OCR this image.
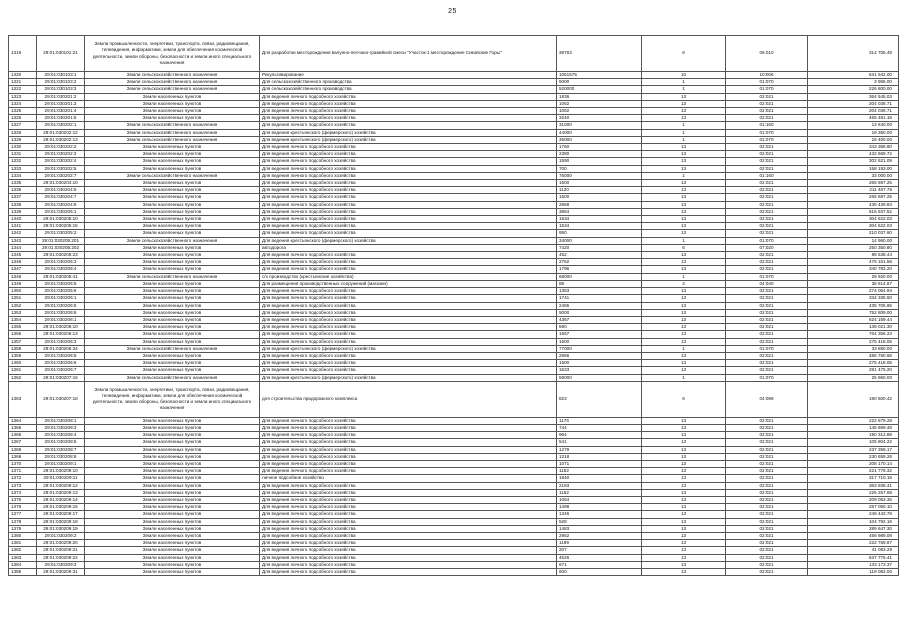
25
1319	29:01:030101:21	Земли промышленности, энергетики, транспорта, связи, радиовещания, телевидения, информатики, земли для обеспечения космической деятельности, земли обороны, безопасности и земли иного специального назначения	Для разработки месторождения валунно-песчано-гравийной смеси "Участок-1 месторождение Сиковские Горы"	39763	6	06:010	314 705.49
1320	29:01:030103:1	Земли сельскохозяйственного назначения	Рекультивирование	1051575	10	10:006	631 942.00
1321	29:01:030103:2	Земли сельскохозяйственного назначения	Для сельскохозяйственного производства	5000	1	01:070	3 965.00
1322	29:01:030103:3	Земли сельскохозяйственного назначения	Для сельскохозяйственного производства	520000	1	01:070	226 800.00
1323	29:01:030201:2	Земли населенных пунктов	Для ведения личного подсобного хозяйства	1836	13	02:021	364 545.03
1324	29:01:030201:3	Земли населенных пунктов	Для ведения личного подсобного хозяйства	1062	13	02:021	204 036.71
1325	29:01:030201:4	Земли населенных пунктов	Для ведения личного подсобного хозяйства	1062	13	02:021	204 036.71
1326	29:01:030201:6	Земли населенных пунктов	Для ведения личного подсобного хозяйства	3240	13	02:021	465 481.18
1327	29:01:030202:1	Земли сельскохозяйственного назначения	Для ведения личного подсобного хозяйства	31000	1	01:160	13 640.00
1328	29:01:030202:12	Земли сельскохозяйственного назначения	Для ведения крестьянского (фермерского) хозяйства	44000	1	01:070	19 360.00
1329	29:01:030202:13	Земли сельскохозяйственного назначения	Для ведения крестьянского (фермерского) хозяйства	35000	1	01:070	15 400.00
1330	29:01:030202:2	Земли населенных пунктов	Для ведения личного подсобного хозяйства	1760	13	02:021	343 368.80
1331	29:01:030202:3	Земли населенных пунктов	Для ведения личного подсобного хозяйства	2380	13	02:021	432 669.72
1332	29:01:030202:4	Земли населенных пунктов	Для ведения личного подсобного хозяйства	1590	13	02:021	302 621.09
1333	29:01:030202:5	Земли населенных пунктов	Для ведения личного подсобного хозяйства	700	13	02:021	158 193.00
1334	29:01:030202:7	Земли сельскохозяйственного назначения	Для ведения личного подсобного хозяйства	75000	1	01:160	33 000.00
1335	29:01:030204:10	Земли населенных пунктов	Для ведения личного подсобного хозяйства	1500	13	02:021	265 697.25
1336	29:01:030204:5	Земли населенных пунктов	Для ведения личного подсобного хозяйства	1120	13	02:021	211 467.76
1337	29:01:030204:7	Земли населенных пунктов	Для ведения личного подсобного хозяйства	1500	13	02:021	265 697.25
1338	29:01:030204:8	Земли населенных пунктов	Для ведения личного подсобного хозяйства	2868	13	02:021	435 439.84
1339	29:01:030205:1	Земли населенных пунктов	Для ведения личного подсобного хозяйства	3864	13	02:021	616 537.52
1340	29:01:030205:10	Земли населенных пунктов	Для ведения личного подсобного хозяйства	1534	13	02:021	304 622.03
1341	29:01:030205:15	Земли населенных пунктов	Для ведения личного подсобного хозяйства	1534	13	02:021	304 622.03
1342	29:01:030205:2	Земли населенных пунктов	Для ведения личного подсобного хозяйства	950	13	02:021	210 037.60
1343	29:01:030205:201	Земли сельскохозяйственного назначения	Для ведения крестьянского (фермерского) хозяйства	34000	1	01:070	14 960.00
1344	29:01:030205:202	Земли населенных пунктов	автодорога	7420	6	07:020	250 350.80
1345	29:01:030205:23	Земли населенных пунктов	Для ведения личного подсобного хозяйства	452	13	02:021	98 538.44
1346	29:01:030205:3	Земли населенных пунктов	Для ведения личного подсобного хозяйства	2762	13	02:021	476 151.58
1347	29:01:030205:4	Земли населенных пунктов	Для ведения личного подсобного хозяйства	1796	13	02:021	340 783.20
1348	29:01:030205:41	Земли сельскохозяйственного назначения	с/х производство (крестьянские хозяйства)	68000	1	01:070	29 920.00
1349	29:01:030205:5	Земли населенных пунктов	Для размещения производственных сооружений (магазин)	89	4	04:040	38 614.87
1350	29:01:030205:6	Земли населенных пунктов	Для ведения личного подсобного хозяйства	1353	13	02:021	274 064.94
1351	29:01:030206:1	Земли населенных пунктов	Для ведения личного подсобного хозяйства	1741	13	02:021	334 335.50
1352	29:01:030206:5	Земли населенных пунктов	Для ведения личного подсобного хозяйства	2465	13	02:021	435 706.95
1353	29:01:030206:6	Земли населенных пунктов	Для ведения личного подсобного хозяйства	5000	13	02:021	752 809.00
1354	29:01:030206:1	Земли населенных пунктов	Для ведения личного подсобного хозяйства	4367	13	02:021	624 169.44
1355	29:01:030206:10	Земли населенных пунктов	Для ведения личного подсобного хозяйства	590	13	02:021	139 021.30
1356	29:01:030206:13	Земли населенных пунктов	Для ведения личного подсобного хозяйства	1567	13	02:021	764 356.23
1357	29:01:030206:3	Земли населенных пунктов	Для ведения личного подсобного хозяйства	1500	13	02:021	275 418.05
1358	29:01:030206:34	Земли сельскохозяйственного назначения	Для ведения крестьянского (фермерского) хозяйства	77000	1	01:070	33 880.00
1359	29:01:030206:5	Земли населенных пунктов	Для ведения личного подсобного хозяйства	2966	13	02:021	486 760.66
1360	29:01:030206:6	Земли населенных пунктов	Для ведения личного подсобного хозяйства	1500	13	02:021	275 418.05
1361	29:01:030206:7	Земли населенных пунктов	Для ведения личного подсобного хозяйства	1533	13	02:021	281 475.20
1362	29:01:030207:16	Земли сельскохозяйственного назначения	Для ведения крестьянского (фермерского) хозяйства	59000	1	01:070	25 960.00
1363	29:01:030207:18	Земли промышленности, энергетики, транспорта, связи, радиовещания, телевидения, информатики, земли для обеспечения космической деятельности, земли обороны, безопасности и земли иного специального назначения	для строительства придорожного комплекса	823	6	04:099	190 600.42
1364	29:01:030208:1	Земли населенных пунктов	Для ведения личного подсобного хозяйства	1176	13	02:021	222 879.28
1365	29:01:030208:3	Земли населенных пунктов	Для ведения личного подсобного хозяйства	744	13	02:021	145 869.48
1366	29:01:030208:4	Земли населенных пунктов	Для ведения личного подсобного хозяйства	964	13	02:021	190 312.88
1367	29:01:030208:6	Земли населенных пунктов	Для ведения личного подсобного хозяйства	541	13	02:021	105 804.22
1368	29:01:030208:7	Земли населенных пунктов	Для ведения личного подсобного хозяйства	1279	13	02:021	237 359.17
1369	29:01:030208:8	Земли населенных пунктов	Для ведения личного подсобного хозяйства	1218	13	02:021	230 659.26
1370	29:01:030209:1	Земли населенных пунктов	Для ведения личного подсобного хозяйства	1071	13	02:021	208 170.14
1371	29:01:030209:10	Земли населенных пунктов	Для ведения личного подсобного хозяйства	1152	13	02:021	221 776.32
1372	29:01:030209:11	Земли населенных пунктов	личное подсобное хозяйство	1840	13	02:021	317 710.18
1373	29:01:030209:12	Земли населенных пунктов	Для ведения личного подсобного хозяйства	2183	13	02:021	363 938.41
1374	29:01:030209:13	Земли населенных пунктов	Для ведения личного подсобного хозяйства	1162	13	02:021	225 257.68
1375	29:01:030209:14	Земли населенных пунктов	Для ведения личного подсобного хозяйства	1064	13	02:021	209 063.36
1376	29:01:030209:15	Земли населенных пунктов	Для ведения личного подсобного хозяйства	1498	13	02:021	257 050.10
1377	29:01:030209:17	Земли населенных пунктов	Для ведения личного подсобного хозяйства	1346	13	02:021	248 443.78
1378	29:01:030209:18	Земли населенных пунктов	Для ведения личного подсобного хозяйства	528	13	02:021	104 792.16
1379	29:01:030209:19	Земли населенных пунктов	Для ведения личного подсобного хозяйства	1483	13	02:021	289 647.30
1380	29:01:030209:2	Земли населенных пунктов	Для ведения личного подсобного хозяйства	2952	13	02:021	456 989.08
1381	29:01:030209:20	Земли населенных пунктов	Для ведения личного подсобного хозяйства	1199	13	02:021	222 759.87
1382	29:01:030209:21	Земли населенных пунктов	Для ведения личного подсобного хозяйства	207	13	02:021	41 083.29
1383	29:01:030209:22	Земли населенных пунктов	Для ведения личного подсобного хозяйства	4526	13	02:021	637 775.41
1384	29:01:030209:3	Земли населенных пунктов	Для ведения личного подсобного хозяйства	671	13	02:021	133 173.37
1385	29:01:030209:31	Земли населенных пунктов	Для ведения личного подсобного хозяйства	600	13	02:021	119 082.00
